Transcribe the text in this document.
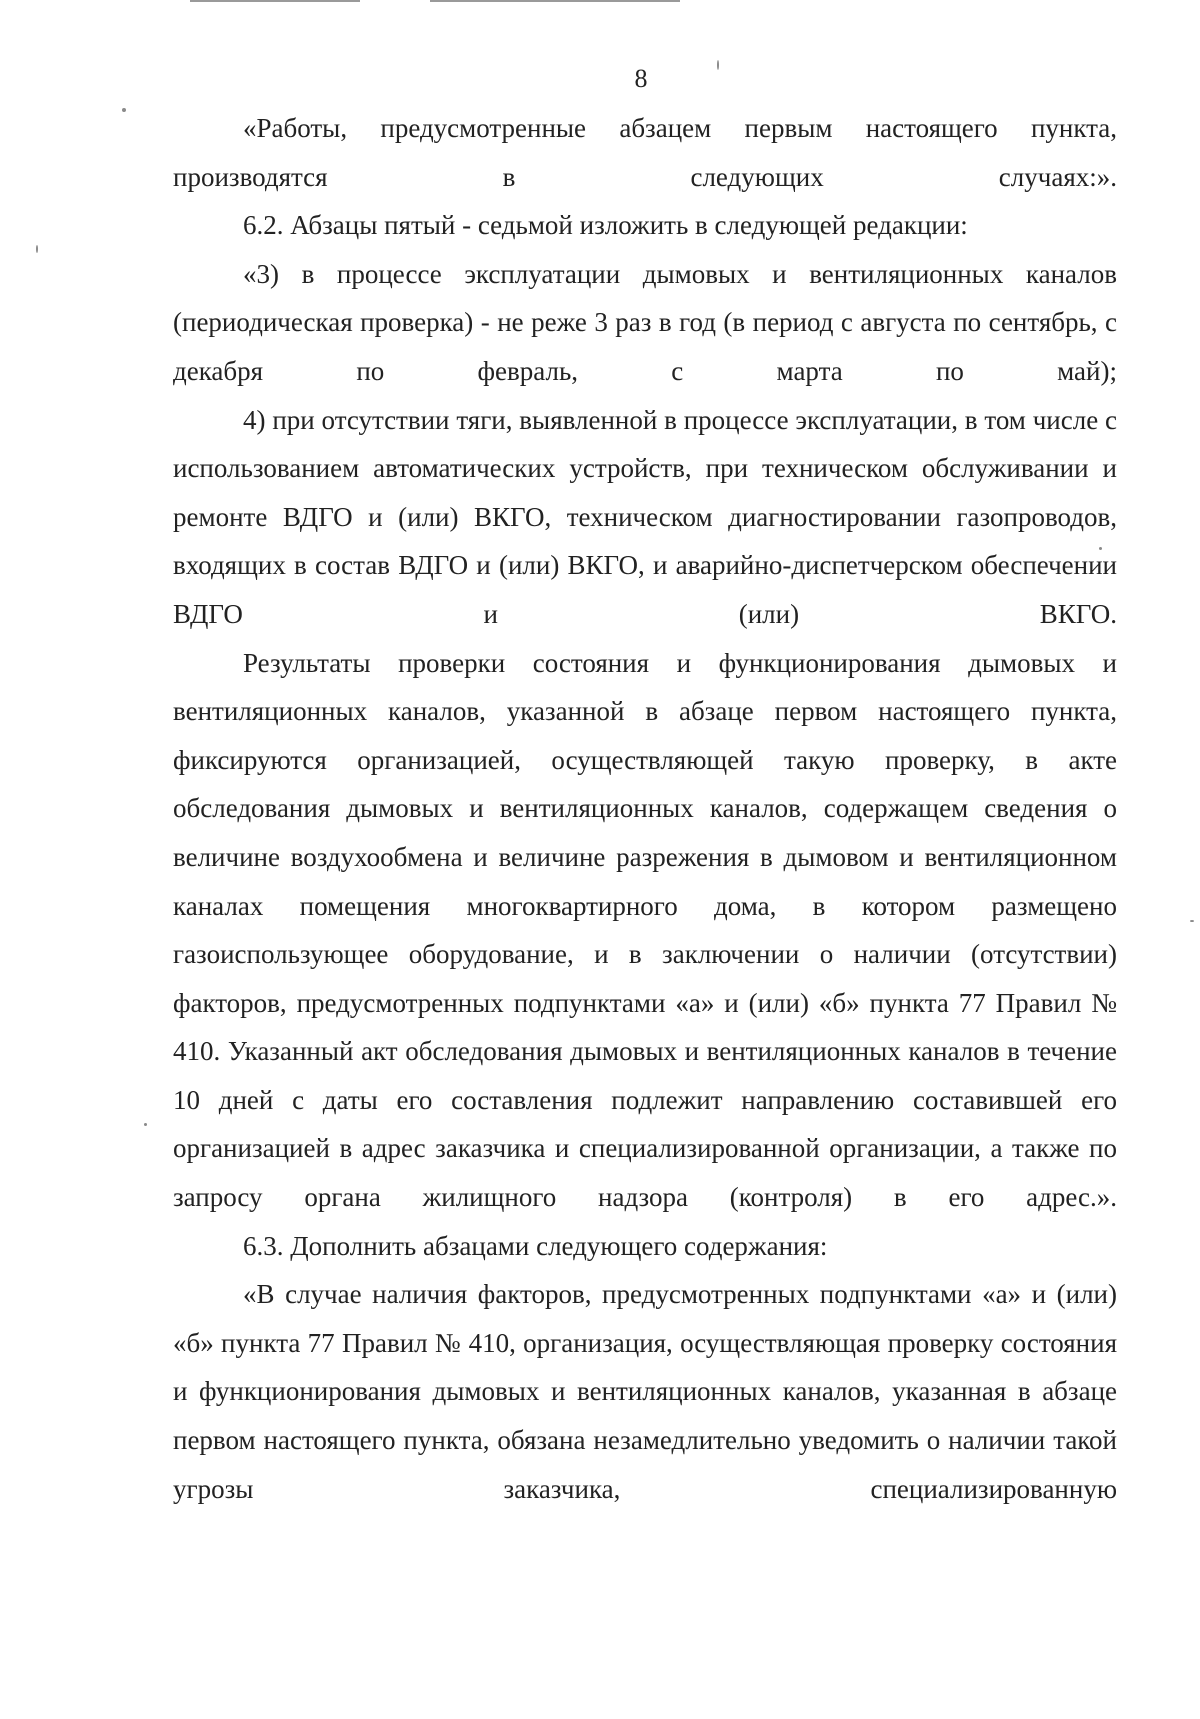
8

«Работы, предусмотренные абзацем первым настоящего пункта, производятся в следующих случаях:».

6.2. Абзацы пятый - седьмой изложить в следующей редакции:

«3) в процессе эксплуатации дымовых и вентиляционных каналов (периодическая проверка) - не реже 3 раз в год (в период с августа по сентябрь, с декабря по февраль, с марта по май);

4) при отсутствии тяги, выявленной в процессе эксплуатации, в том числе с использованием автоматических устройств, при техническом обслуживании и ремонте ВДГО и (или) ВКГО, техническом диагностировании газопроводов, входящих в состав ВДГО и (или) ВКГО, и аварийно-диспетчерском обеспечении ВДГО и (или) ВКГО.

Результаты проверки состояния и функционирования дымовых и вентиляционных каналов, указанной в абзаце первом настоящего пункта, фиксируются организацией, осуществляющей такую проверку, в акте обследования дымовых и вентиляционных каналов, содержащем сведения о величине воздухообмена и величине разрежения в дымовом и вентиляционном каналах помещения многоквартирного дома, в котором размещено газоиспользующее оборудование, и в заключении о наличии (отсутствии) факторов, предусмотренных подпунктами «а» и (или) «б» пункта 77 Правил № 410. Указанный акт обследования дымовых и вентиляционных каналов в течение 10 дней с даты его составления подлежит направлению составившей его организацией в адрес заказчика и специализированной организации, а также по запросу органа жилищного надзора (контроля) в его адрес.».

6.3. Дополнить абзацами следующего содержания:

«В случае наличия факторов, предусмотренных подпунктами «а» и (или) «б» пункта 77 Правил № 410, организация, осуществляющая проверку состояния и функционирования дымовых и вентиляционных каналов, указанная в абзаце первом настоящего пункта, обязана незамедлительно уведомить о наличии такой угрозы заказчика, специализированную
